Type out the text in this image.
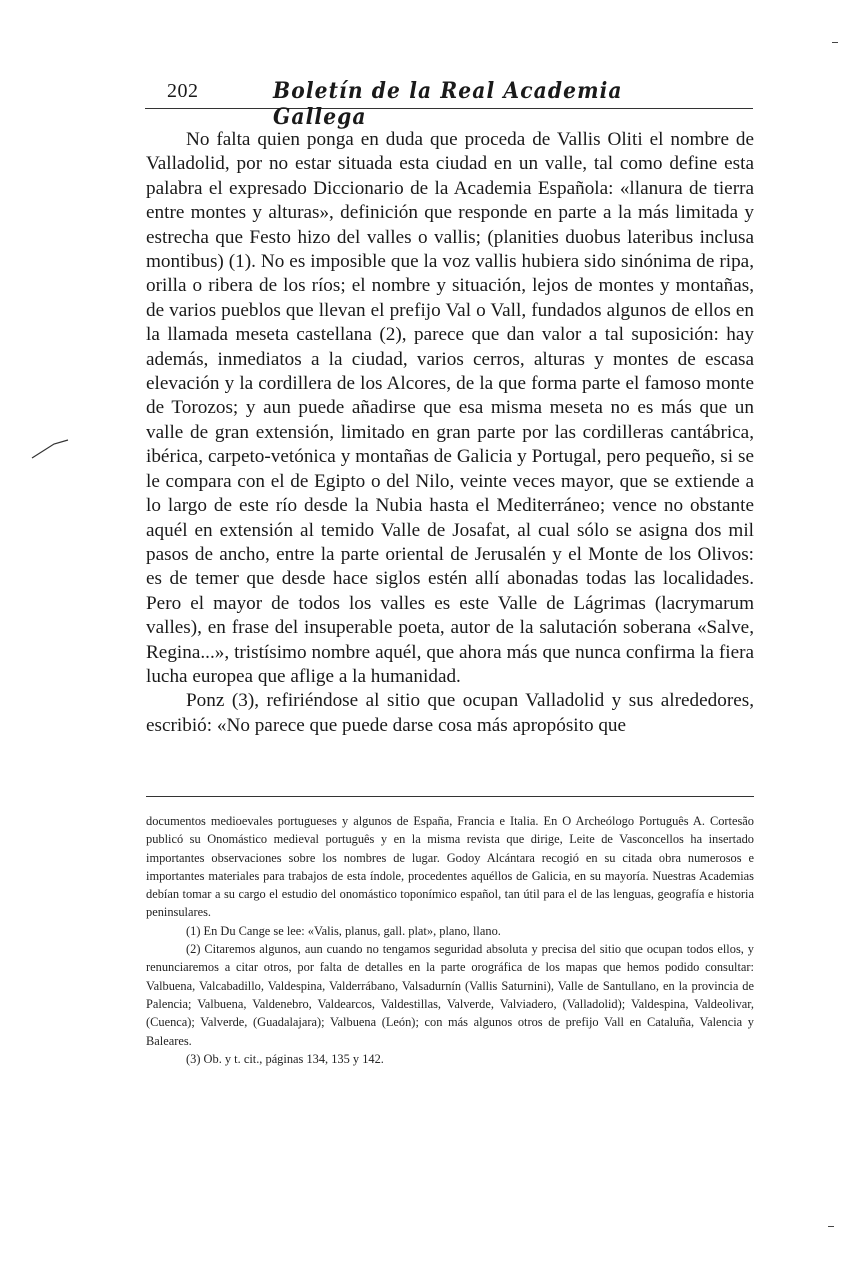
202	Boletín de la Real Academia Gallega

No falta quien ponga en duda que proceda de Vallis Oliti el nombre de Valladolid, por no estar situada esta ciudad en un valle, tal como define esta palabra el expresado Diccionario de la Academia Española: «llanura de tierra entre montes y alturas», definición que responde en parte a la más limitada y estrecha que Festo hizo del valles o vallis; (planities duobus lateribus inclusa montibus) (1). No es imposible que la voz vallis hubiera sido sinónima de ripa, orilla o ribera de los ríos; el nombre y situación, lejos de montes y montañas, de varios pueblos que llevan el prefijo Val o Vall, fundados algunos de ellos en la llamada meseta castellana (2), parece que dan valor a tal suposición: hay además, inmediatos a la ciudad, varios cerros, alturas y montes de escasa elevación y la cordillera de los Alcores, de la que forma parte el famoso monte de Torozos; y aun puede añadirse que esa misma meseta no es más que un valle de gran extensión, limitado en gran parte por las cordilleras cantábrica, ibérica, carpeto-vetónica y montañas de Galicia y Portugal, pero pequeño, si se le compara con el de Egipto o del Nilo, veinte veces mayor, que se extiende a lo largo de este río desde la Nubia hasta el Mediterráneo; vence no obstante aquél en extensión al temido Valle de Josafat, al cual sólo se asigna dos mil pasos de ancho, entre la parte oriental de Jerusalén y el Monte de los Olivos: es de temer que desde hace siglos estén allí abonadas todas las localidades. Pero el mayor de todos los valles es este Valle de Lágrimas (lacrymarum valles), en frase del insuperable poeta, autor de la salutación soberana «Salve, Regina...», tristísimo nombre aquél, que ahora más que nunca confirma la fiera lucha europea que aflige a la humanidad.

Ponz (3), refiriéndose al sitio que ocupan Valladolid y sus alrededores, escribió: «No parece que puede darse cosa más apropósito que

documentos medioevales portugueses y algunos de España, Francia e Italia. En O Archeólogo Português A. Cortesão publicó su Onomástico medieval português y en la misma revista que dirige, Leite de Vasconcellos ha insertado importantes observaciones sobre los nombres de lugar. Godoy Alcántara recogió en su citada obra numerosos e importantes materiales para trabajos de esta índole, procedentes aquéllos de Galicia, en su mayoría. Nuestras Academias debían tomar a su cargo el estudio del onomástico toponímico español, tan útil para el de las lenguas, geografía e historia peninsulares.

(1) En Du Cange se lee: «Valis, planus, gall. plat», plano, llano.

(2) Citaremos algunos, aun cuando no tengamos seguridad absoluta y precisa del sitio que ocupan todos ellos, y renunciaremos a citar otros, por falta de detalles en la parte orográfica de los mapas que hemos podido consultar: Valbuena, Valcabadillo, Valdespina, Valderrábano, Valsadurnín (Vallis Saturnini), Valle de Santullano, en la provincia de Palencia; Valbuena, Valdenebro, Valdearcos, Valdestillas, Valverde, Valviadero, (Valladolid); Valdespina, Valdeolivar, (Cuenca); Valverde, (Guadalajara); Valbuena (León); con más algunos otros de prefijo Vall en Cataluña, Valencia y Baleares.

(3) Ob. y t. cit., páginas 134, 135 y 142.
